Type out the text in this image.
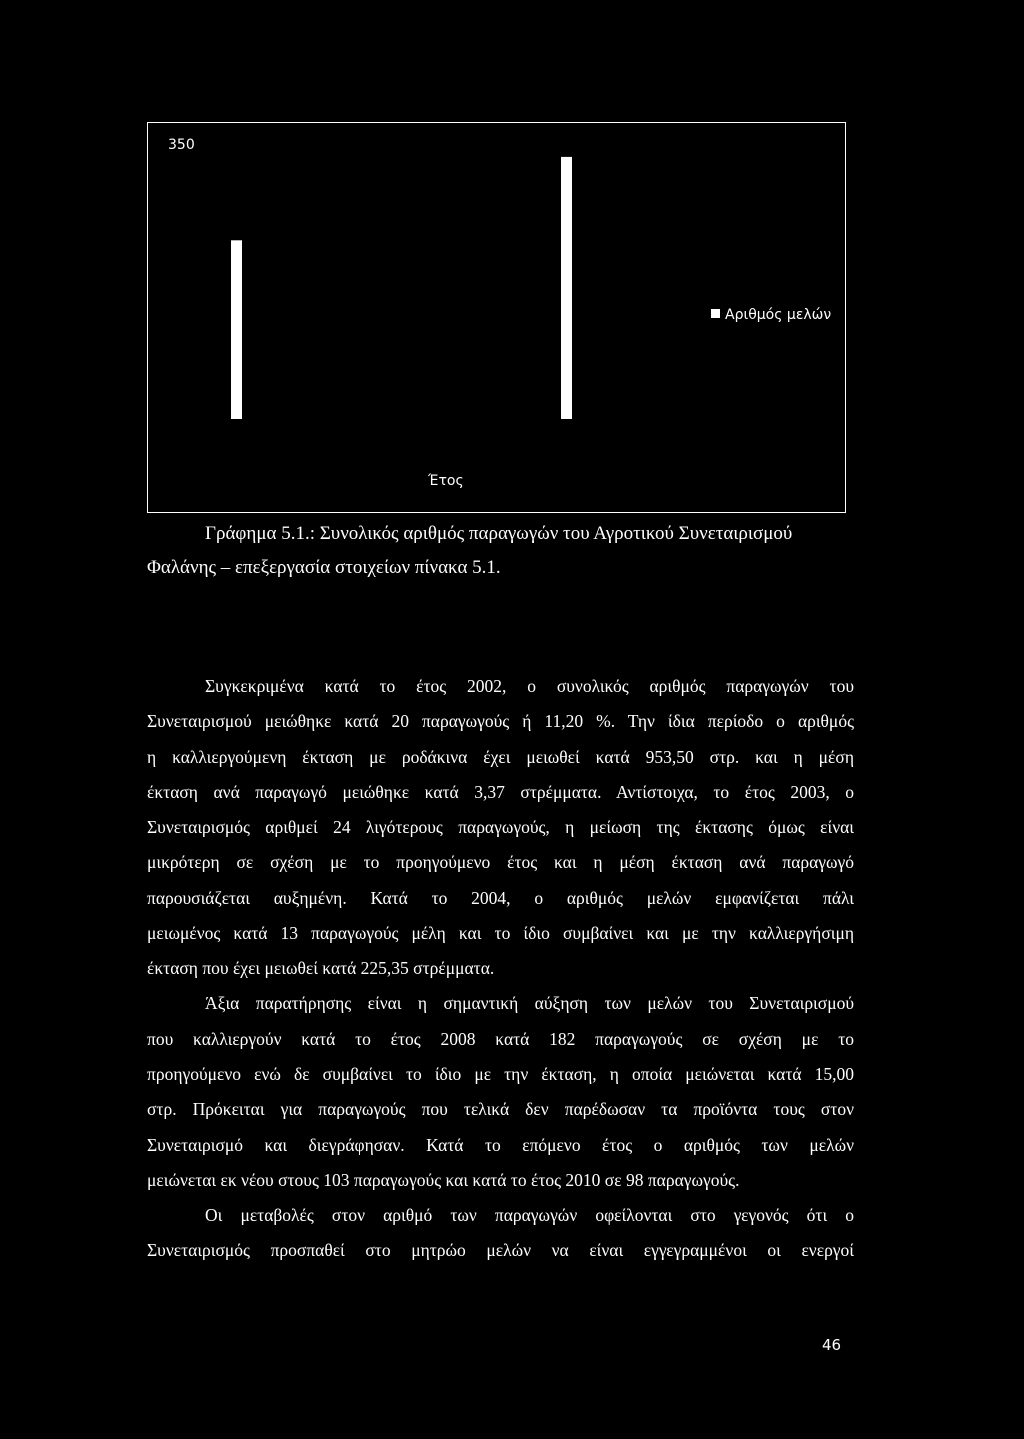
350
Αριθμός μελών
Έτος
Γράφημα 5.1.: Συνολικός αριθμός παραγωγών του Αγροτικού Συνεταιρισμού
Φαλάνης – επεξεργασία στοιχείων πίνακα 5.1.
Συγκεκριμένα κατά το έτος 2002, ο συνολικός αριθμός παραγωγών του
Συνεταιρισμού μειώθηκε κατά 20 παραγωγούς ή 11,20 %. Την ίδια περίοδο ο αριθμός
η καλλιεργούμενη έκταση με ροδάκινα έχει μειωθεί κατά 953,50 στρ. και η μέση
έκταση ανά παραγωγό μειώθηκε κατά 3,37 στρέμματα. Αντίστοιχα, το έτος 2003, ο
Συνεταιρισμός αριθμεί 24 λιγότερους παραγωγούς, η μείωση της έκτασης όμως είναι
μικρότερη σε σχέση με το προηγούμενο έτος και η μέση έκταση ανά παραγωγό
παρουσιάζεται αυξημένη. Κατά το 2004, ο αριθμός μελών εμφανίζεται πάλι
μειωμένος κατά 13 παραγωγούς μέλη και το ίδιο συμβαίνει και με την καλλιεργήσιμη
έκταση που έχει μειωθεί κατά 225,35 στρέμματα.
Άξια παρατήρησης είναι η σημαντική αύξηση των μελών του Συνεταιρισμού
που καλλιεργούν κατά το έτος 2008 κατά 182 παραγωγούς σε σχέση με το
προηγούμενο ενώ δε συμβαίνει το ίδιο με την έκταση, η οποία μειώνεται κατά 15,00
στρ. Πρόκειται για παραγωγούς που τελικά δεν παρέδωσαν τα προϊόντα τους στον
Συνεταιρισμό και διεγράφησαν. Κατά το επόμενο έτος ο αριθμός των μελών
μειώνεται εκ νέου στους 103 παραγωγούς και κατά το έτος 2010 σε 98 παραγωγούς.
Οι μεταβολές στον αριθμό των παραγωγών οφείλονται στο γεγονός ότι ο
Συνεταιρισμός προσπαθεί στο μητρώο μελών να είναι εγγεγραμμένοι οι ενεργοί
46
